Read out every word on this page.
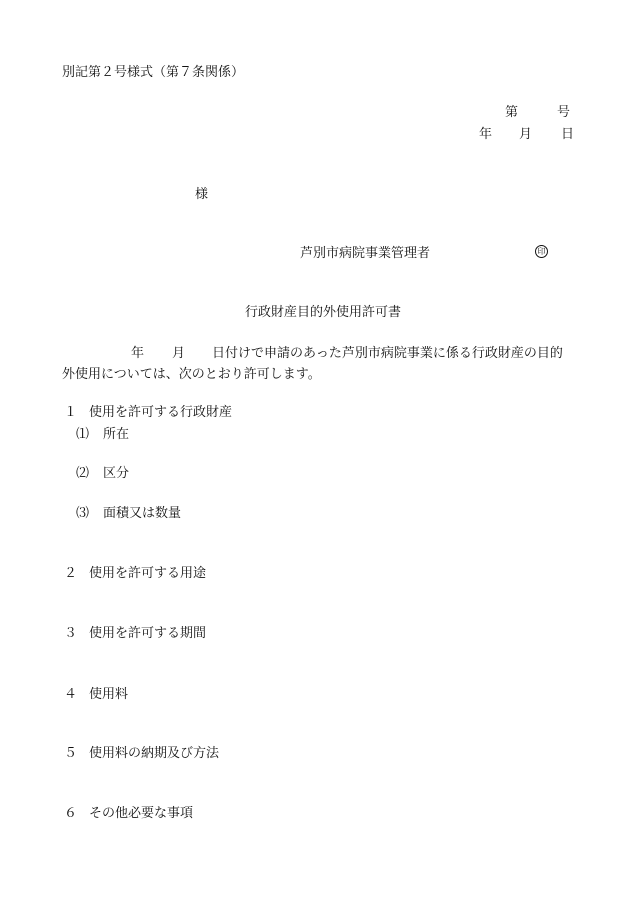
別記第２号様式（第７条関係）
第	号
年 月 日
様
芦別市病院事業管理者	印
行政財産目的外使用許可書
年 月 日付けで申請のあった芦別市病院事業に係る行政財産の目的
外使用については、次のとおり許可します。
１ 使用を許可する行政財産
⑴ 所在
⑵ 区分
⑶ 面積又は数量
２ 使用を許可する用途
３ 使用を許可する期間
４ 使用料
５ 使用料の納期及び方法
６ その他必要な事項
